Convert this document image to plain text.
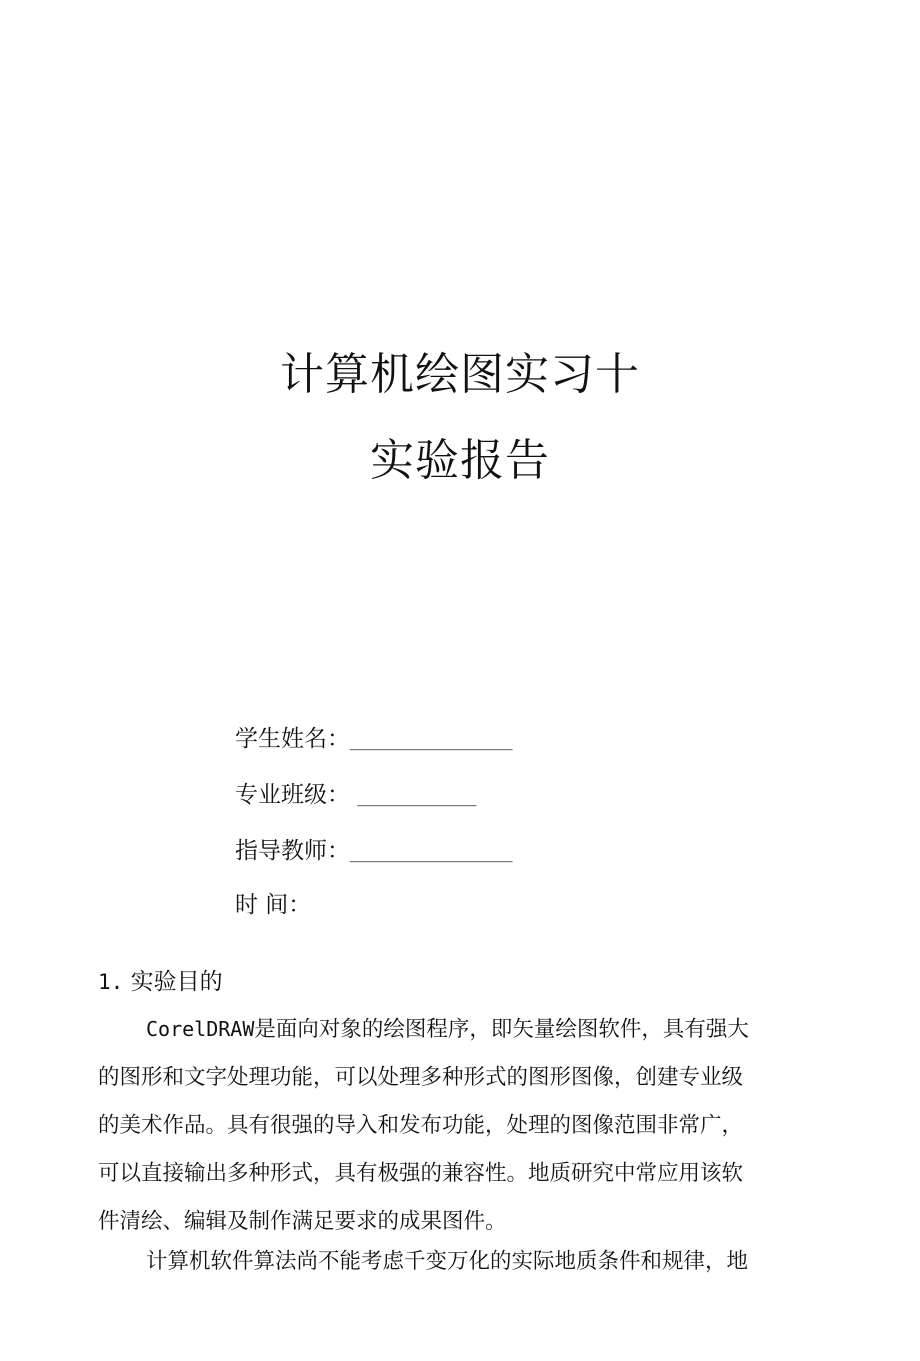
计算机绘图实习十
实验报告
学生姓名：_______________
专业班级： ___________
指导教师：_______________
时 间：
1. 实验目的

CorelDRAW是面向对象的绘图程序，即矢量绘图软件，具有强大
的图形和文字处理功能，可以处理多种形式的图形图像，创建专业级
的美术作品。具有很强的导入和发布功能，处理的图像范围非常广，
可以直接输出多种形式，具有极强的兼容性。地质研究中常应用该软
件清绘、编辑及制作满足要求的成果图件。

计算机软件算法尚不能考虑千变万化的实际地质条件和规律，地
